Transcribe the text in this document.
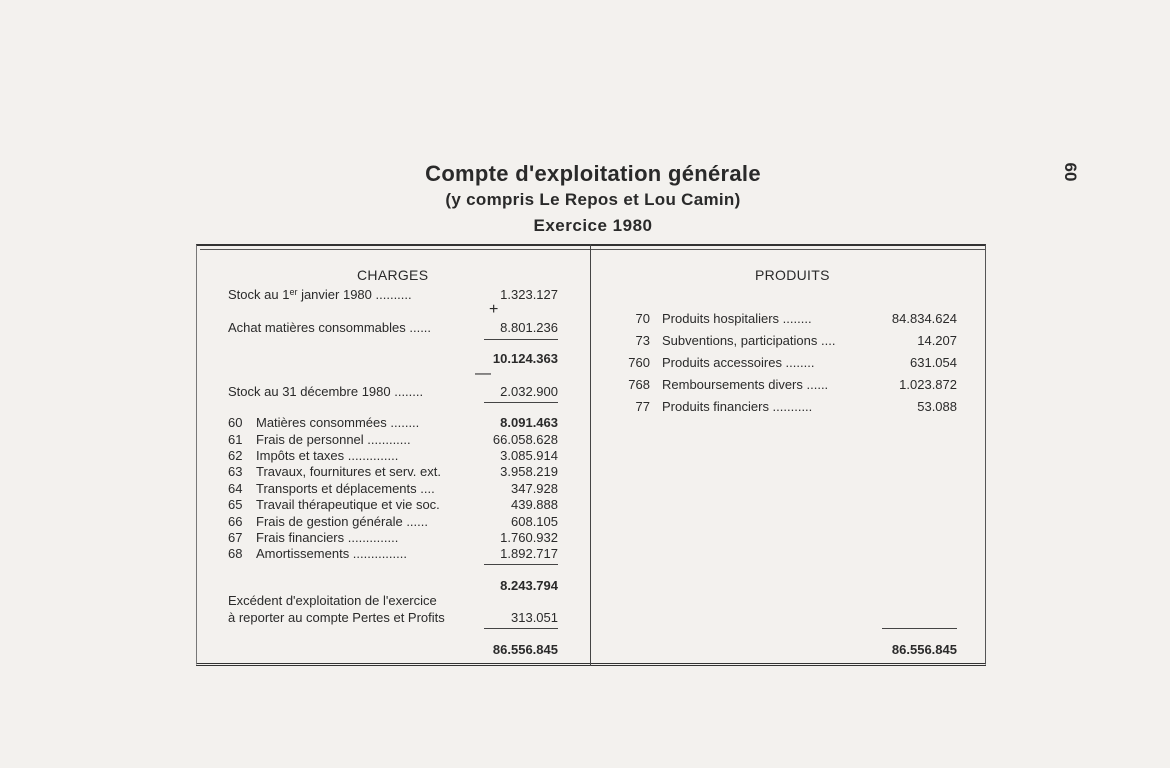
60
Compte d'exploitation générale
(y compris Le Repos et Lou Camin)
Exercice 1980
CHARGES
Stock au 1er janvier 1980 ..........	1.323.127
+
Achat matières consommables ......	8.801.236
10.124.363
—
Stock au 31 décembre 1980 ........	2.032.900
60 Matières consommées ........	8.091.463
61 Frais de personnel ............	66.058.628
62 Impôts et taxes ..............	3.085.914
63 Travaux, fournitures et serv. ext.	3.958.219
64 Transports et déplacements ....	347.928
65 Travail thérapeutique et vie soc.	439.888
66 Frais de gestion générale ......	608.105
67 Frais financiers ..............	1.760.932
68 Amortissements ...............	1.892.717
8.243.794
Excédent d'exploitation de l'exercice
à reporter au compte Pertes et Profits	313.051
86.556.845
PRODUITS
70 Produits hospitaliers ........	84.834.624
73 Subventions, participations ....	14.207
760 Produits accessoires ........	631.054
768 Remboursements divers ......	1.023.872
77 Produits financiers ...........	53.088
86.556.845
